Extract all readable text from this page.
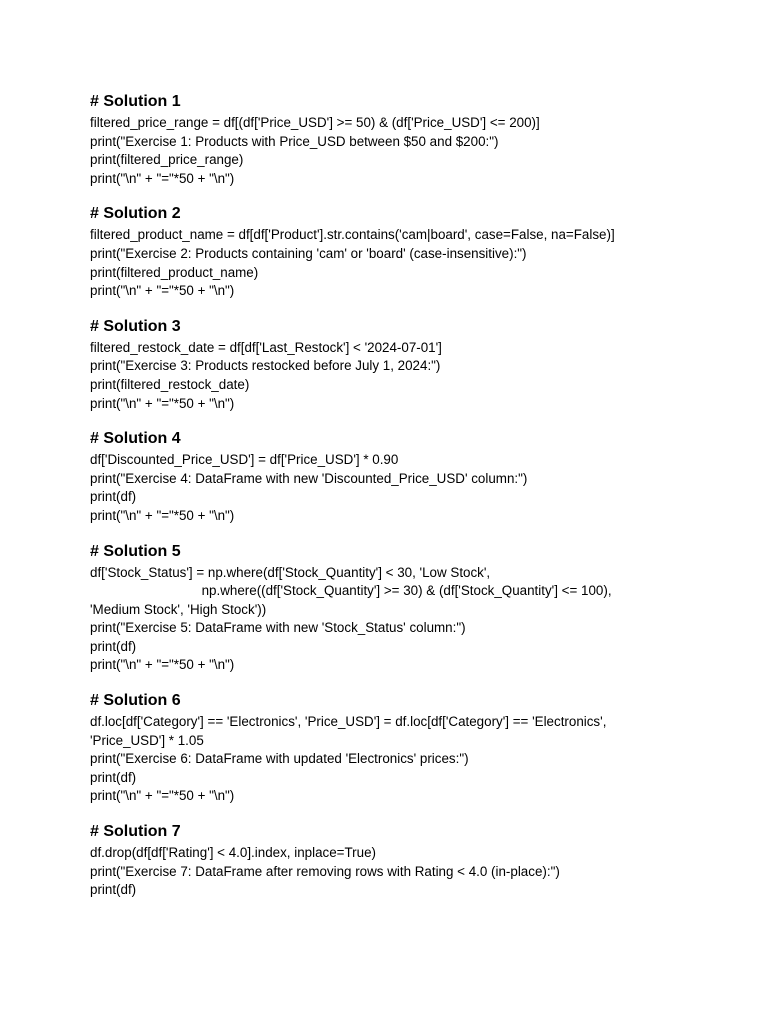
# Solution 1

filtered_price_range = df[(df['Price_USD'] >= 50) & (df['Price_USD'] <= 200)]

print("Exercise 1: Products with Price_USD between $50 and $200:")

print(filtered_price_range)

print("\n" + "="*50 + "\n")

# Solution 2

filtered_product_name = df[df['Product'].str.contains('cam|board', case=False, na=False)]

print("Exercise 2: Products containing 'cam' or 'board' (case-insensitive):")

print(filtered_product_name)

print("\n" + "="*50 + "\n")

# Solution 3

filtered_restock_date = df[df['Last_Restock'] < '2024-07-01']

print("Exercise 3: Products restocked before July 1, 2024:")

print(filtered_restock_date)

print("\n" + "="*50 + "\n")

# Solution 4

df['Discounted_Price_USD'] = df['Price_USD'] * 0.90

print("Exercise 4: DataFrame with new 'Discounted_Price_USD' column:")

print(df)

print("\n" + "="*50 + "\n")

# Solution 5

df['Stock_Status'] = np.where(df['Stock_Quantity'] < 30, 'Low Stock',

np.where((df['Stock_Quantity'] >= 30) & (df['Stock_Quantity'] <= 100),

'Medium Stock', 'High Stock'))

print("Exercise 5: DataFrame with new 'Stock_Status' column:")

print(df)

print("\n" + "="*50 + "\n")

# Solution 6

df.loc[df['Category'] == 'Electronics', 'Price_USD'] = df.loc[df['Category'] == 'Electronics', 'Price_USD'] * 1.05

print("Exercise 6: DataFrame with updated 'Electronics' prices:")

print(df)

print("\n" + "="*50 + "\n")

# Solution 7

df.drop(df[df['Rating'] < 4.0].index, inplace=True)

print("Exercise 7: DataFrame after removing rows with Rating < 4.0 (in-place):")

print(df)
